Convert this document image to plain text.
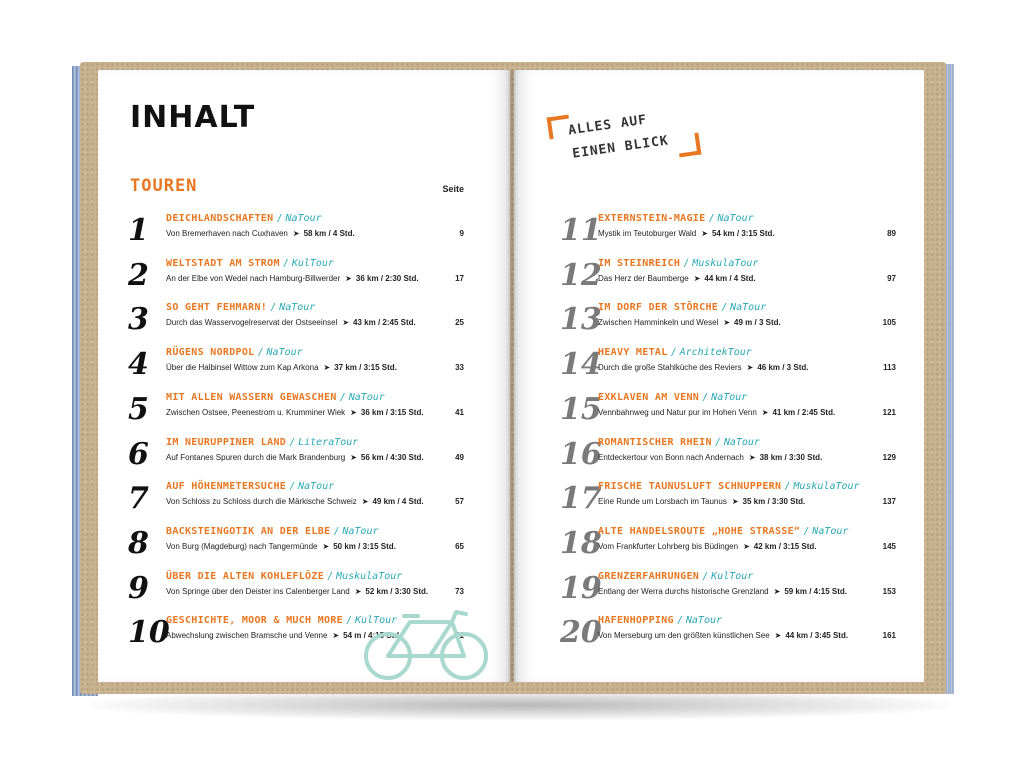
INHALT
TOUREN	Seite
ALLES AUF
EINEN BLICK
1	DEICHLANDSCHAFTEN / NaTour
Von Bremerhaven nach Cuxhaven ➤ 58 km / 4 Std.	9
2	WELTSTADT AM STROM / KulTour
An der Elbe von Wedel nach Hamburg-Billwerder ➤ 36 km / 2:30 Std.	17
3	SO GEHT FEHMARN! / NaTour
Durch das Wasservogelreservat der Ostseeinsel ➤ 43 km / 2:45 Std.	25
4	RÜGENS NORDPOL / NaTour
Über die Halbinsel Wittow zum Kap Arkona ➤ 37 km / 3:15 Std.	33
5	MIT ALLEN WASSERN GEWASCHEN / NaTour
Zwischen Ostsee, Peenestrom u. Krumminer Wiek ➤ 36 km / 3:15 Std.	41
6	IM NEURUPPINER LAND / LiteraTour
Auf Fontanes Spuren durch die Mark Brandenburg ➤ 56 km / 4:30 Std.	49
7	AUF HÖHENMETERSUCHE / NaTour
Von Schloss zu Schloss durch die Märkische Schweiz ➤ 49 km / 4 Std.	57
8	BACKSTEINGOTIK AN DER ELBE / NaTour
Von Burg (Magdeburg) nach Tangermünde ➤ 50 km / 3:15 Std.	65
9	ÜBER DIE ALTEN KOHLEFLÖZE / MuskulaTour
Von Springe über den Deister ins Calenberger Land ➤ 52 km / 3:30 Std.	73
10
GESCHICHTE, MOOR & MUCH MORE / KulTour
Abwechslung zwischen Bramsche und Venne ➤ 54 m / 4:15 Std.	81
11
EXTERNSTEIN-MAGIE / NaTour
Mystik im Teutoburger Wald ➤ 54 km / 3:15 Std.	89
12
IM STEINREICH / MuskulaTour
Das Herz der Baumberge ➤ 44 km / 4 Std.	97
13
IM DORF DER STÖRCHE / NaTour
Zwischen Hamminkeln und Wesel ➤ 49 m / 3 Std.	105
14
HEAVY METAL / ArchitekTour
Durch die große Stahlküche des Reviers ➤ 46 km / 3 Std.	113
15
EXKLAVEN AM VENN / NaTour
Vennbahnweg und Natur pur im Hohen Venn ➤ 41 km / 2:45 Std.	121
16
ROMANTISCHER RHEIN / NaTour
Entdeckertour von Bonn nach Andernach ➤ 38 km / 3:30 Std.	129
17
FRISCHE TAUNUSLUFT SCHNUPPERN / MuskulaTour
Eine Runde um Lorsbach im Taunus ➤ 35 km / 3:30 Std.	137
18
ALTE HANDELSROUTE „HOHE STRASSE“ / NaTour
Vom Frankfurter Lohrberg bis Büdingen ➤ 42 km / 3:15 Std.	145
19
GRENZERFAHRUNGEN / KulTour
Entlang der Werra durchs historische Grenzland ➤ 59 km / 4:15 Std.	153
20
HAFENHOPPING / NaTour
Von Merseburg um den größten künstlichen See ➤ 44 km / 3:45 Std.	161
